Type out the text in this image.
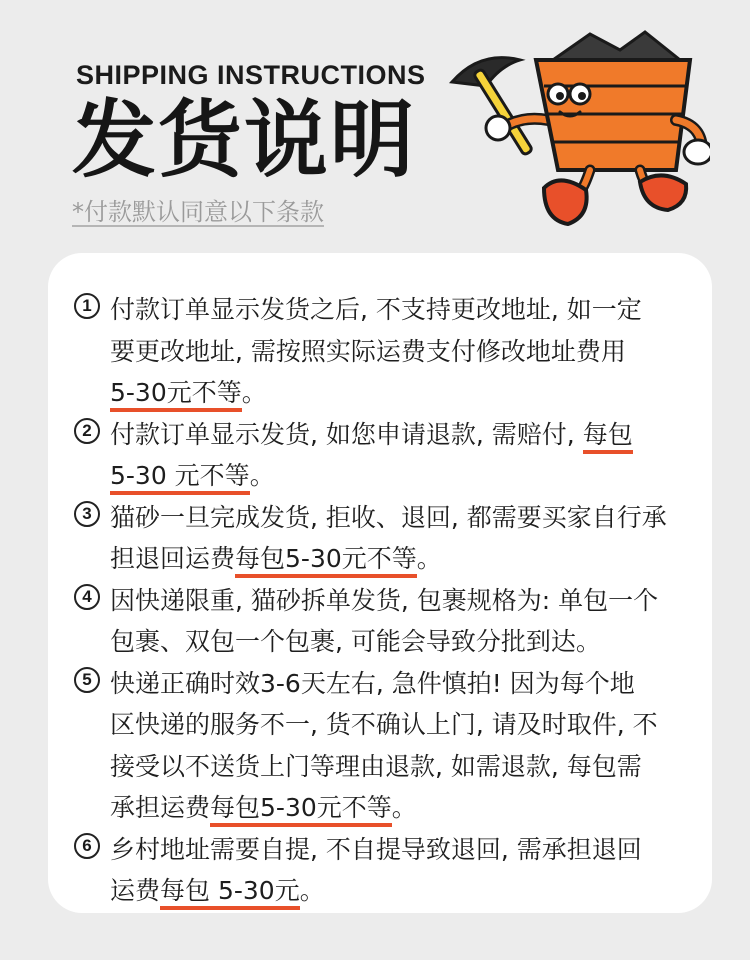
SHIPPING INSTRUCTIONS
发货说明
*付款默认同意以下条款
1 付款订单显示发货之后, 不支持更改地址, 如一定
要更改地址, 需按照实际运费支付修改地址费用
5-30元不等。
2 付款订单显示发货, 如您申请退款, 需赔付, 每包
5-30 元不等。
3 猫砂一旦完成发货, 拒收、退回, 都需要买家自行承
担退回运费每包5-30元不等。
4 因快递限重, 猫砂拆单发货, 包裹规格为: 单包一个
包裹、双包一个包裹, 可能会导致分批到达。
5 快递正确时效3-6天左右, 急件慎拍! 因为每个地
区快递的服务不一, 货不确认上门, 请及时取件, 不
接受以不送货上门等理由退款, 如需退款, 每包需
承担运费每包5-30元不等。
6 乡村地址需要自提, 不自提导致退回, 需承担退回
运费每包 5-30元。
